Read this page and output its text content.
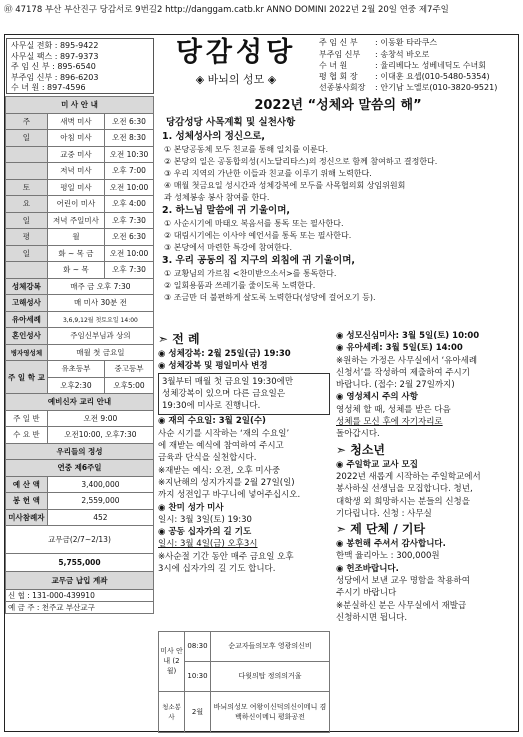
㊞ 47178 부산 부산진구 당감서로 9번길2 http://danggam.catb.kr ANNO DOMINI 2022년 2월 20일 연중 제7주일
사무실 전화 : 895-9422
사무실 팩스 : 897-9373
주 임 신 부 : 895-6540
부주임 신부 : 896-6203
수 녀 원 : 897-4596
당감성당
◈ 바뇌의 성모 ◈
주 임 신 부	:	이동환 타라쿠스
부주임 신부	:	송창석 바오로
수 녀 원	:	율리베다노 성베네딕도 수녀회
평 협 회 장	:	이대훈 요셉(010-5480-5354)
선종봉사회장	:	안기남 노엘로(010-3820-9521)
미 사 안 내		
주	새벽 미사	오전 6:30
일	아침 미사	오전 8:30
	교중 미사	오전 10:30
	저녁 미사	오후 7:00
토	평일 미사	오전 10:00
요	어린이 미사	오후 4:00
일	저녁 주일미사	오후 7:30
평	월	오전 6:30
일	화 ~ 목 금	오전 10:00
	화 ~ 목	오후 7:30
성체강복	매주 금 오후 7:30	
고해성사	매 미사 30분 전	
유아세례	3,6,9,12월 첫토요일 14:00	
혼인성사	주임신부님과 상의	
병자영성체	매월 첫 금요일	
주 일 학 교	유초등부	중고등부
	오후2:30	오후5:00
예비신자 교리 안내		
주 일 반	오전 9:00	
수 요 반	오전10:00, 오후7:30	
우리들의 정성		
연중 제6주일		
예 산 액	3,400,000	
봉 헌 액	2,559,000	
미사참례자	452	
교무금(2/7~2/13)		
5,755,000		
교무금 납입 계좌		
신 협 : 131-000-439910		
예 금 주 : 천주교 부산교구		
2022년 “성체와 말씀의 해”
당감성당 사목계획 및 실천사항
1. 성체성사의 정신으로,
① 본당공동체 모두 친교를 통해 일치를 이룬다.
② 본당의 일은 공동합의성(시노달리타스)의 정신으로 함께 참여하고 결정한다.
③ 우리 지역의 가난한 이들과 친교를 이루기 위해 노력한다.
④ 매월 첫금요일 성시간과 성체강복에 모두를 사목협의회 상임위원회
과 성체봉송 봉사 참여를 한다.
2. 하느님 말씀에 귀 기울이며,
① 사순시기에 마태오 복음서를 통독 또는 필사한다.
② 대림시기에는 이사야 예언서를 통독 또는 필사한다.
③ 본당에서 마련한 특강에 참여한다.
3. 우리 공동의 집 지구의 외침에 귀 기울이며,
① 교황님의 가르침 <찬미받으소서>를 통독한다.
② 일회용품과 쓰레기를 줄이도록 노력한다.
③ 조금만 더 불편하게 살도록 노력한다(성당에 걸어오기 등).
➣ 전 례
◉ 성체강복: 2월 25일(금) 19:30
◉ 성체강복 및 평일미사 변경
3월부터 매월 첫 금요일 19:30에만
성체강복이 있으며 다른 금요일은
19:30에 미사로 진행니다.
◉ 재의 수요일: 3월 2일(수)
사순 시기를 시작하는 ‘재의 수요일’
에 재받는 예식에 참여하여 주시고
금육과 단식을 실천합시다.
※재받는 예식: 오전, 오후 미사중
※지난해의 성지가지를 2월 27일(일)
까지 성전입구 바구니에 넣어주십시오.
◉ 찬미 성가 미사
일시: 3월 3일(토) 19:30
◉ 공동 십자가의 길 기도
일시: 3월 4일(금) 오후3시
※사순절 기간 동안 매주 금요일 오후
3시에 십자가의 길 기도 합니다.
미사 안 내 (2월)	08:30	순교자들의모후 영광의신비
	10:30	다윗의탑 정의의거울
청소봉사	2월	바뇌의성모 여왕이신덕의신이메니 겸백하신이메니 평화공전
◉ 성모신심미사: 3월 5일(토) 10:00
◉ 유아세례: 3월 5일(토) 14:00
※원하는 가정은 사무실에서 ‘유아세례
신청서’를 작성하여 제출하여 주시기
바랍니다. (접수: 2월 27일까지)
◉ 영성체시 주의 사항
영성체 할 때, 성체를 받은 다음
성체를 모신 후에 자기자리로
돌아갑시다.
➣ 청소년
◉ 주일학교 교사 모집
2022년 새롭게 시작하는 주일학교에서
봉사하실 선생님을 모집합니다. 청년,
대학생 외 희망하시는 분들의 신청을
기다립니다. 신청 : 사무실
➣ 제 단체 / 기타
◉ 봉헌해 주셔서 감사합니다.
한맥 율리아노 : 300,000원
◉ 헌조바랍니다.
성당에서 보낸 교우 명함을 착용하여
주시기 바랍니다
※분실하신 분은 사무실에서 재발급
신청하시면 됩니다.
